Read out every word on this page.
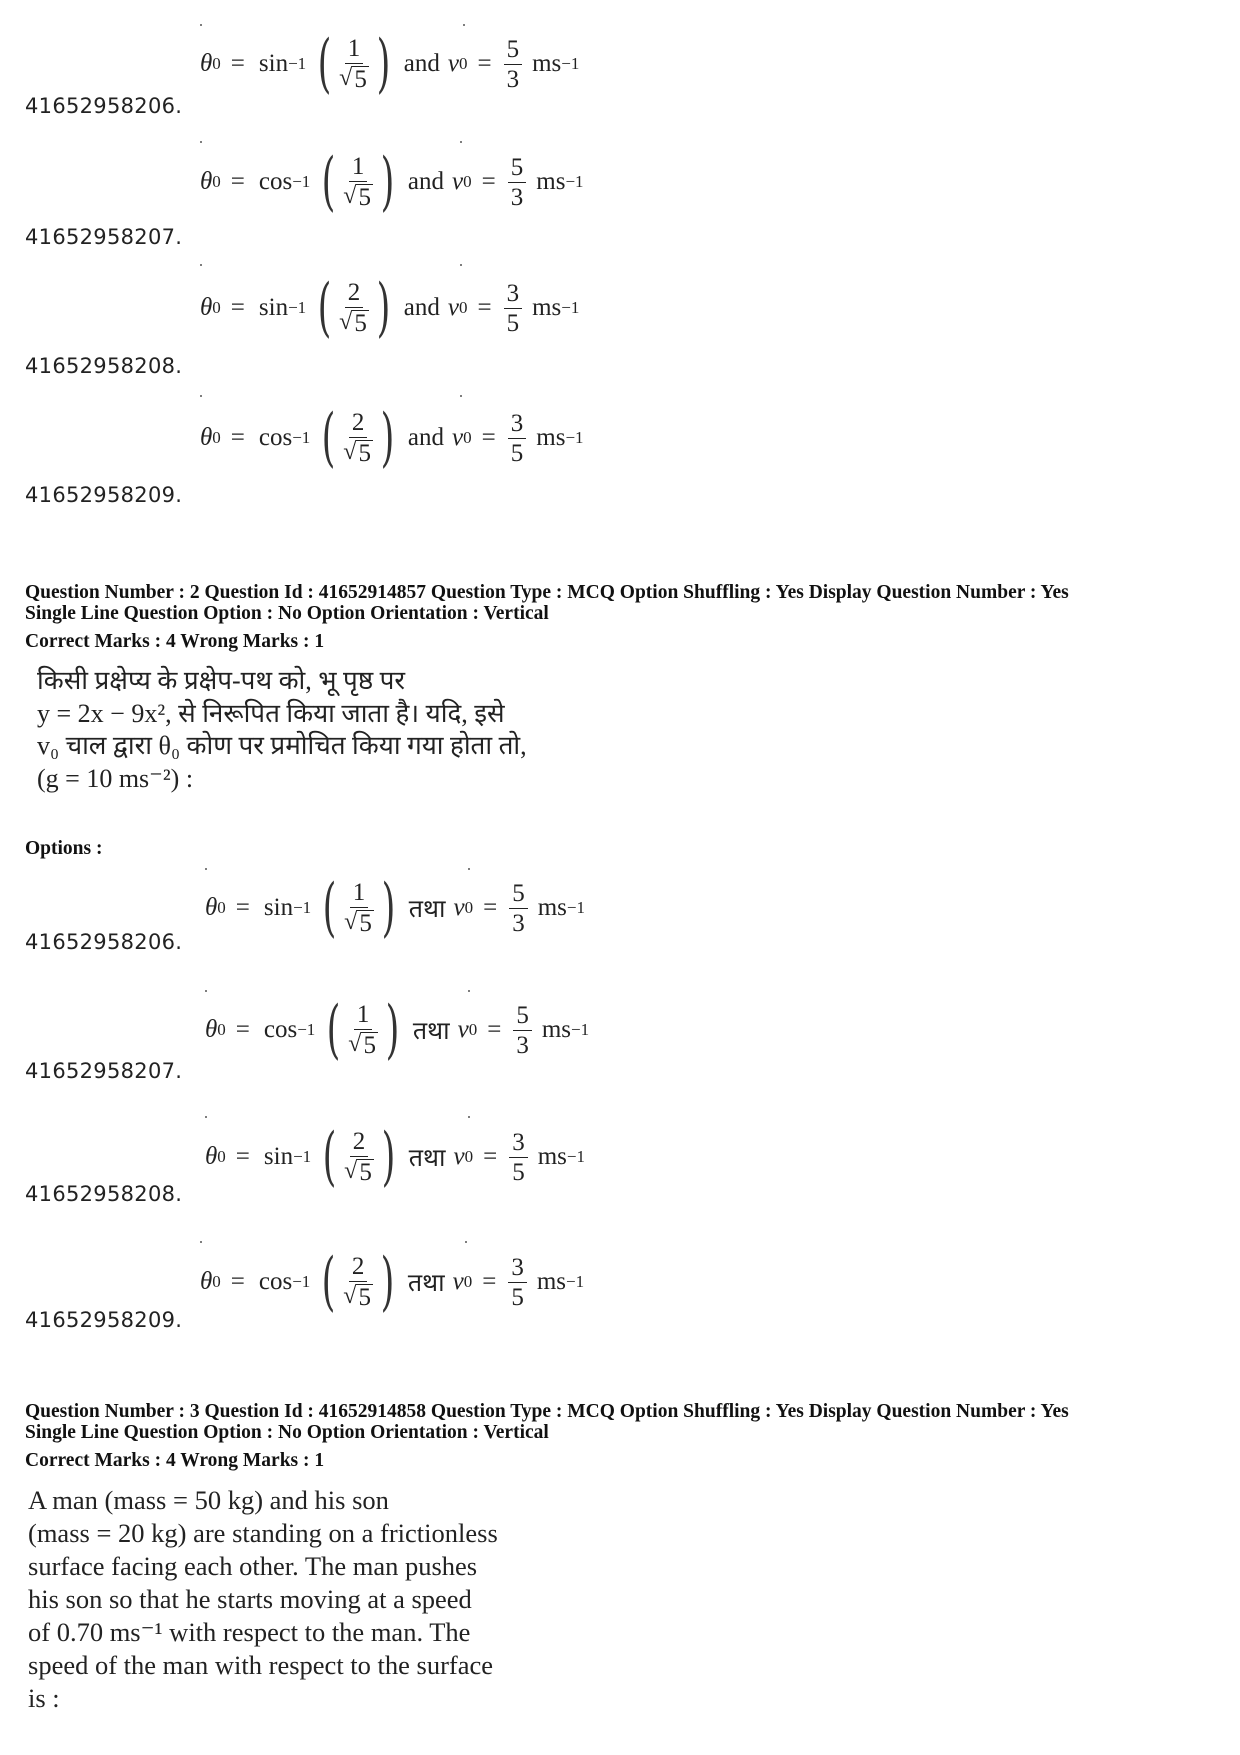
θ 0 = sin −1 ( $\frac{1}{√ 5}$ ) and v $0 = \frac{5}{3}$ ms −1
41652958206.
θ 0 = cos −1 ( $\frac{1}{√ 5}$ ) and v $0 = \frac{5}{3}$ ms −1
41652958207.
θ 0 = sin −1 ( $\frac{2}{√ 5}$ ) and v $0 = \frac{3}{5}$ ms −1
41652958208.
θ 0 = cos −1 ( $\frac{2}{√ 5}$ ) and v $0 = \frac{3}{5}$ ms −1
41652958209.
Question Number : 2 Question Id : 41652914857 Question Type : MCQ Option Shuffling : Yes Display Question Number : Yes
Single Line Question Option : No Option Orientation : Vertical
Correct Marks : 4 Wrong Marks : 1
किसी प्रक्षेप्य के प्रक्षेप-पथ को, भू पृष्ठ पर
y = 2x − 9x², से निरूपित किया जाता है। यदि, इसे
v₀ चाल द्वारा θ₀ कोण पर प्रमोचित किया गया होता तो,
(g = 10 ms⁻²) :
Options :
θ 0 = sin −1 ( $\frac{1}{√ 5}$ ) तथा v $0 = \frac{5}{3}$ ms −1
41652958206.
θ 0 = cos −1 ( $\frac{1}{√ 5}$ ) तथा v $0 = \frac{5}{3}$ ms −1
41652958207.
θ 0 = sin −1 ( $\frac{2}{√ 5}$ ) तथा v $0 = \frac{3}{5}$ ms −1
41652958208.
θ 0 = cos −1 ( $\frac{2}{√ 5}$ ) तथा v $0 = \frac{3}{5}$ ms −1
41652958209.
Question Number : 3 Question Id : 41652914858 Question Type : MCQ Option Shuffling : Yes Display Question Number : Yes
Single Line Question Option : No Option Orientation : Vertical
Correct Marks : 4 Wrong Marks : 1
A man (mass = 50 kg) and his son
(mass = 20 kg) are standing on a frictionless
surface facing each other. The man pushes
his son so that he starts moving at a speed
of 0.70 ms⁻¹ with respect to the man. The
speed of the man with respect to the surface
is :
